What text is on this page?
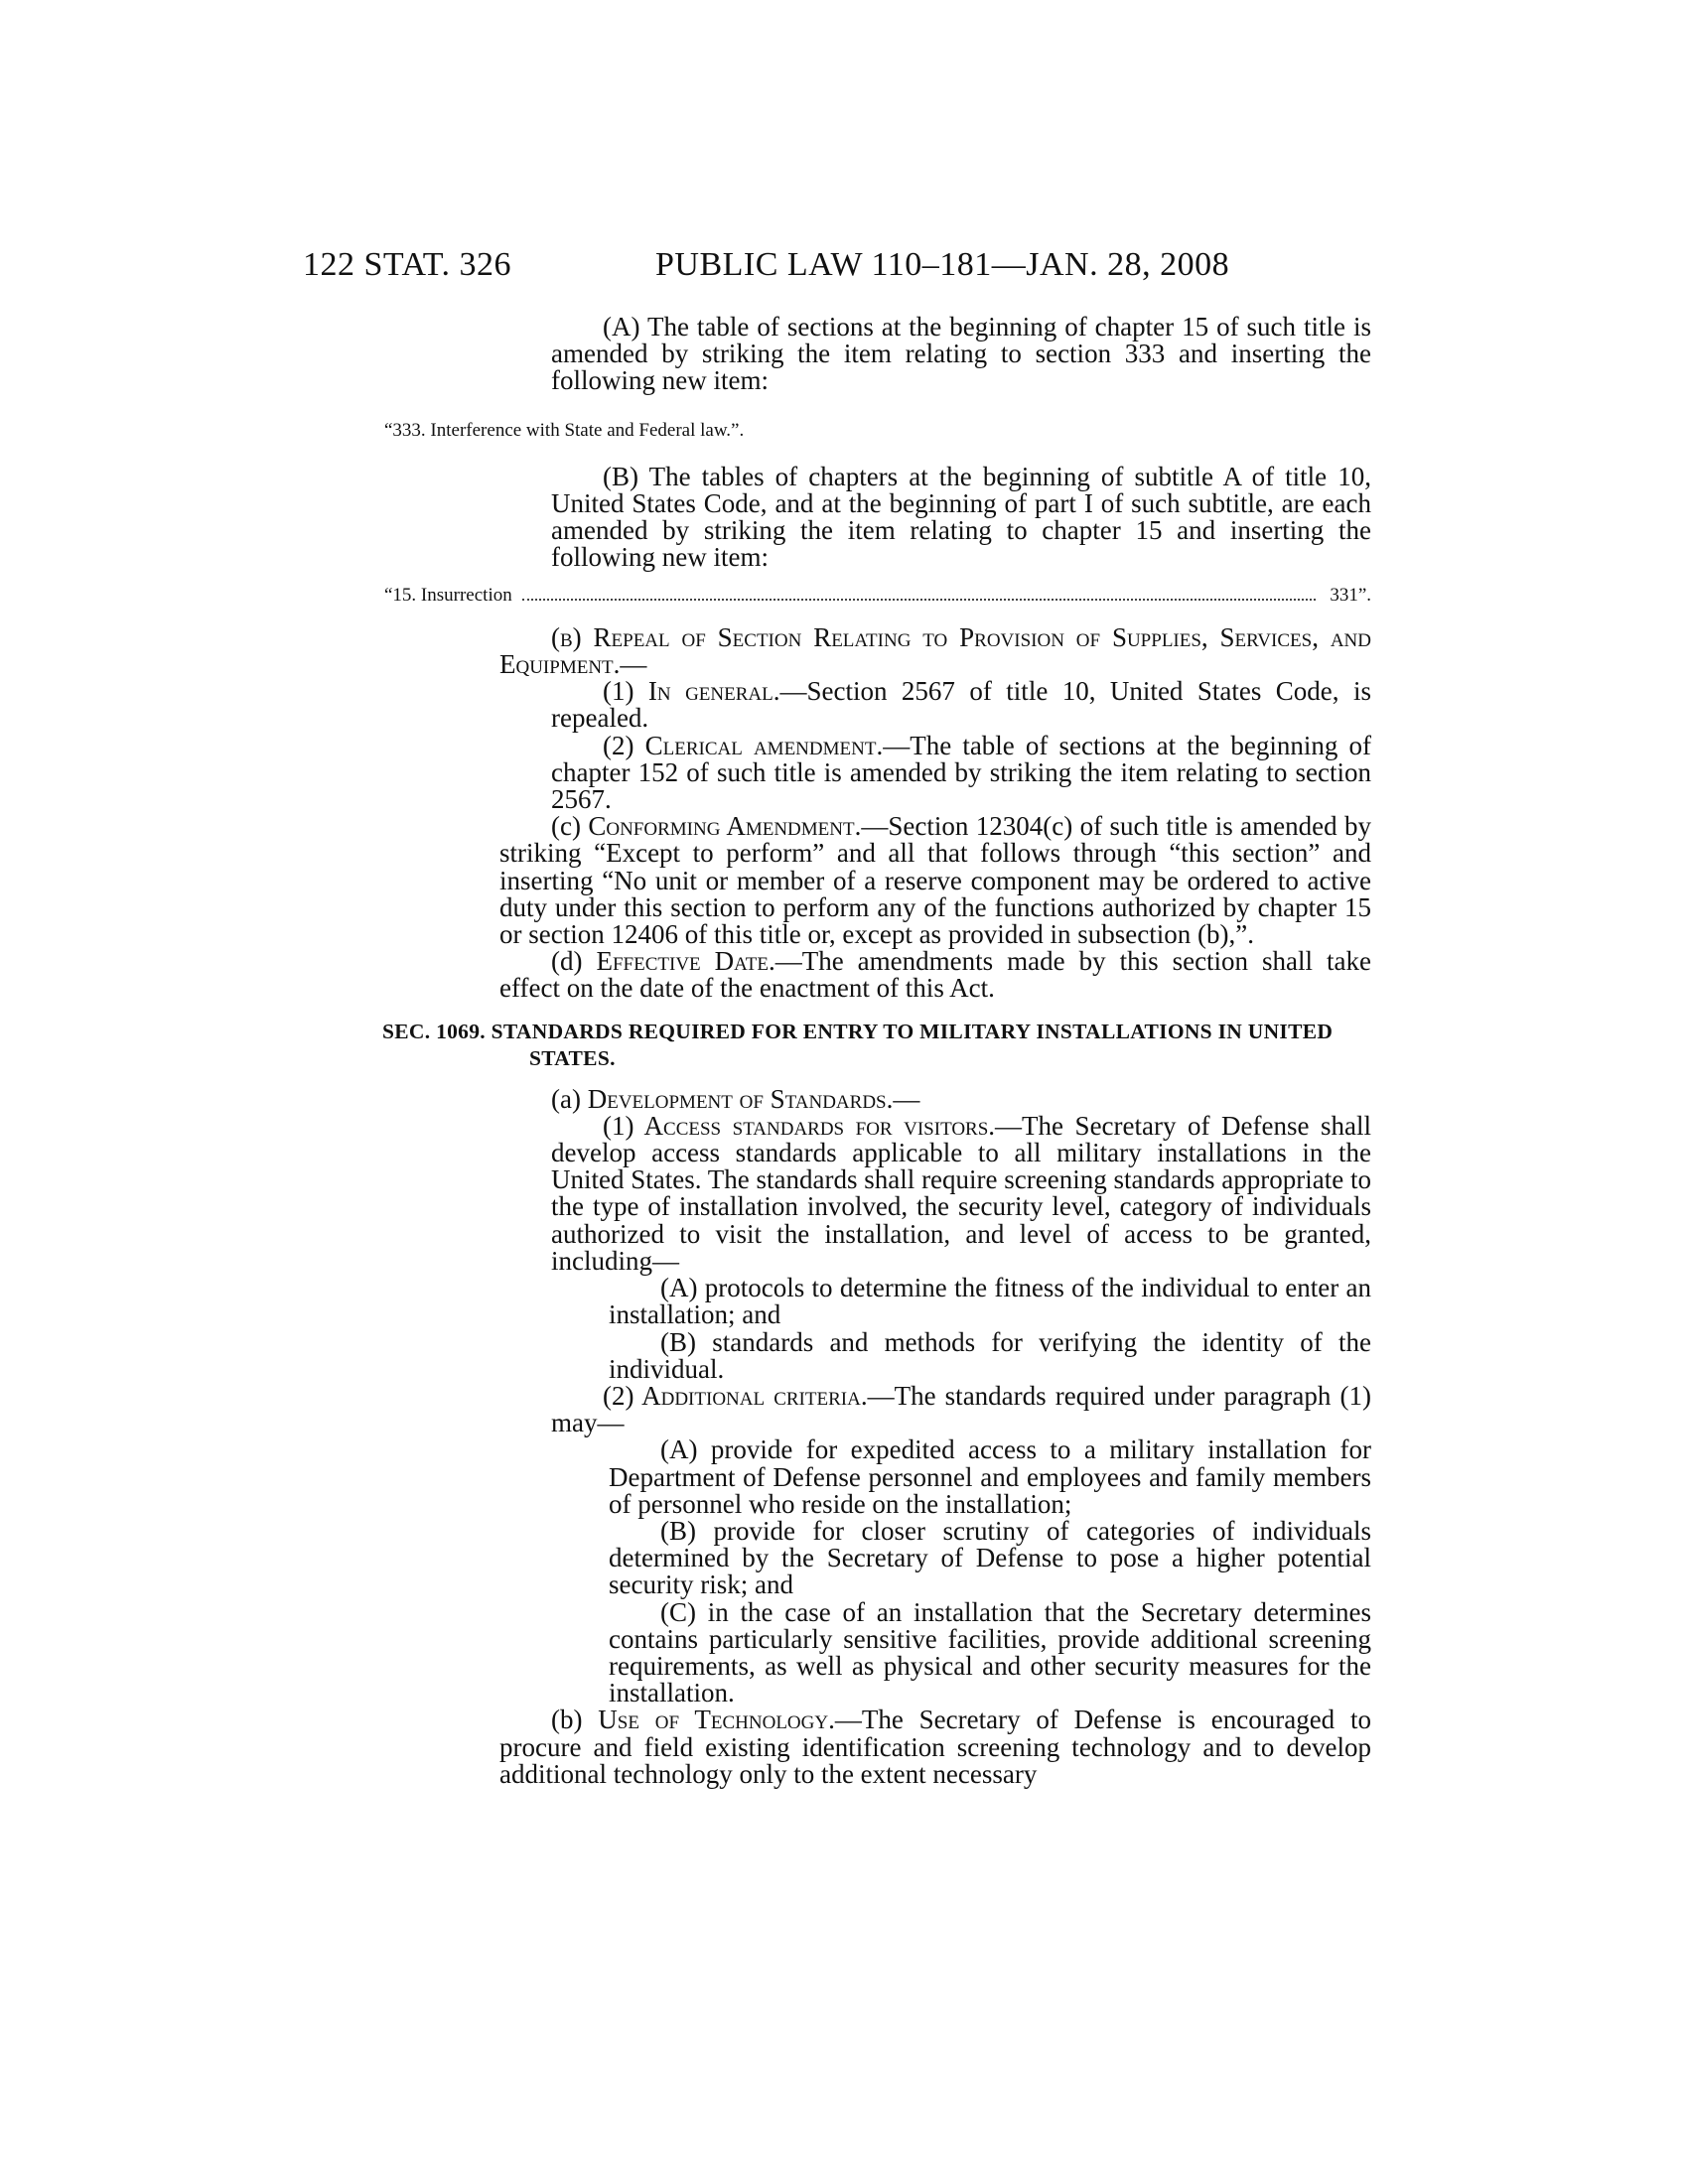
122 STAT. 326	PUBLIC LAW 110–181—JAN. 28, 2008

(A) The table of sections at the beginning of chapter 15 of such title is amended by striking the item relating to section 333 and inserting the following new item:

“333. Interference with State and Federal law.”.

(B) The tables of chapters at the beginning of subtitle A of title 10, United States Code, and at the beginning of part I of such subtitle, are each amended by striking the item relating to chapter 15 and inserting the following new item:

“15. Insurrection	331”.

(b) Repeal of Section Relating to Provision of Supplies, Services, and Equipment.—

(1) In general.—Section 2567 of title 10, United States Code, is repealed.

(2) Clerical amendment.—The table of sections at the beginning of chapter 152 of such title is amended by striking the item relating to section 2567.

(c) Conforming Amendment.—Section 12304(c) of such title is amended by striking “Except to perform” and all that follows through “this section” and inserting “No unit or member of a reserve component may be ordered to active duty under this section to perform any of the functions authorized by chapter 15 or section 12406 of this title or, except as provided in subsection (b),”.

(d) Effective Date.—The amendments made by this section shall take effect on the date of the enactment of this Act.

SEC. 1069. STANDARDS REQUIRED FOR ENTRY TO MILITARY INSTALLATIONS IN UNITED STATES.

(a) Development of Standards.—

(1) Access standards for visitors.—The Secretary of Defense shall develop access standards applicable to all military installations in the United States. The standards shall require screening standards appropriate to the type of installation involved, the security level, category of individuals authorized to visit the installation, and level of access to be granted, including—

(A) protocols to determine the fitness of the individual to enter an installation; and

(B) standards and methods for verifying the identity of the individual.

(2) Additional criteria.—The standards required under paragraph (1) may—

(A) provide for expedited access to a military installation for Department of Defense personnel and employees and family members of personnel who reside on the installation;

(B) provide for closer scrutiny of categories of individuals determined by the Secretary of Defense to pose a higher potential security risk; and

(C) in the case of an installation that the Secretary determines contains particularly sensitive facilities, provide additional screening requirements, as well as physical and other security measures for the installation.

(b) Use of Technology.—The Secretary of Defense is encouraged to procure and field existing identification screening technology and to develop additional technology only to the extent necessary
